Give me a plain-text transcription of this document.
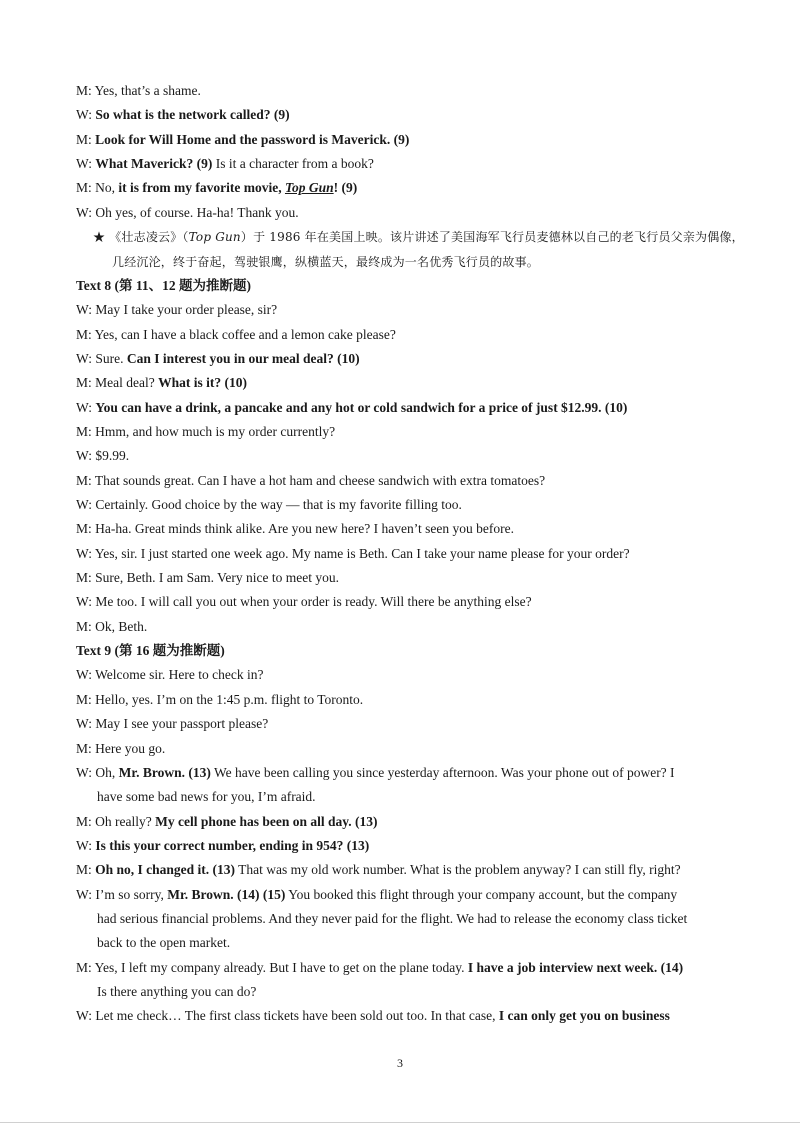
M: Yes, that’s a shame.
W: So what is the network called? (9)
M: Look for Will Home and the password is Maverick. (9)
W: What Maverick? (9) Is it a character from a book?
M: No, it is from my favorite movie, Top Gun! (9)
W: Oh yes, of course. Ha-ha! Thank you.
★ 《壮志凌云》（Top Gun）于 1986 年在美国上映。该片讲述了美国海军飞行员麦德林以自己的老飞行员父亲为偶像，
几经沉沦，终于奋起，驾驶银鹰，纵横蓝天，最终成为一名优秀飞行员的故事。
Text 8 (第 11、12 题为推断题)
W: May I take your order please, sir?
M: Yes, can I have a black coffee and a lemon cake please?
W: Sure. Can I interest you in our meal deal? (10)
M: Meal deal? What is it? (10)
W: You can have a drink, a pancake and any hot or cold sandwich for a price of just $12.99. (10)
M: Hmm, and how much is my order currently?
W: $9.99.
M: That sounds great. Can I have a hot ham and cheese sandwich with extra tomatoes?
W: Certainly. Good choice by the way — that is my favorite filling too.
M: Ha-ha. Great minds think alike. Are you new here? I haven’t seen you before.
W: Yes, sir. I just started one week ago. My name is Beth. Can I take your name please for your order?
M: Sure, Beth. I am Sam. Very nice to meet you.
W: Me too. I will call you out when your order is ready. Will there be anything else?
M: Ok, Beth.
Text 9 (第 16 题为推断题)
W: Welcome sir. Here to check in?
M: Hello, yes. I’m on the 1:45 p.m. flight to Toronto.
W: May I see your passport please?
M: Here you go.
W: Oh, Mr. Brown. (13) We have been calling you since yesterday afternoon. Was your phone out of power? I
have some bad news for you, I’m afraid.
M: Oh really? My cell phone has been on all day. (13)
W: Is this your correct number, ending in 954? (13)
M: Oh no, I changed it. (13) That was my old work number. What is the problem anyway? I can still fly, right?
W: I’m so sorry, Mr. Brown. (14) (15) You booked this flight through your company account, but the company
had serious financial problems. And they never paid for the flight. We had to release the economy class ticket
back to the open market.
M: Yes, I left my company already. But I have to get on the plane today. I have a job interview next week. (14)
Is there anything you can do?
W: Let me check… The first class tickets have been sold out too. In that case, I can only get you on business
3
